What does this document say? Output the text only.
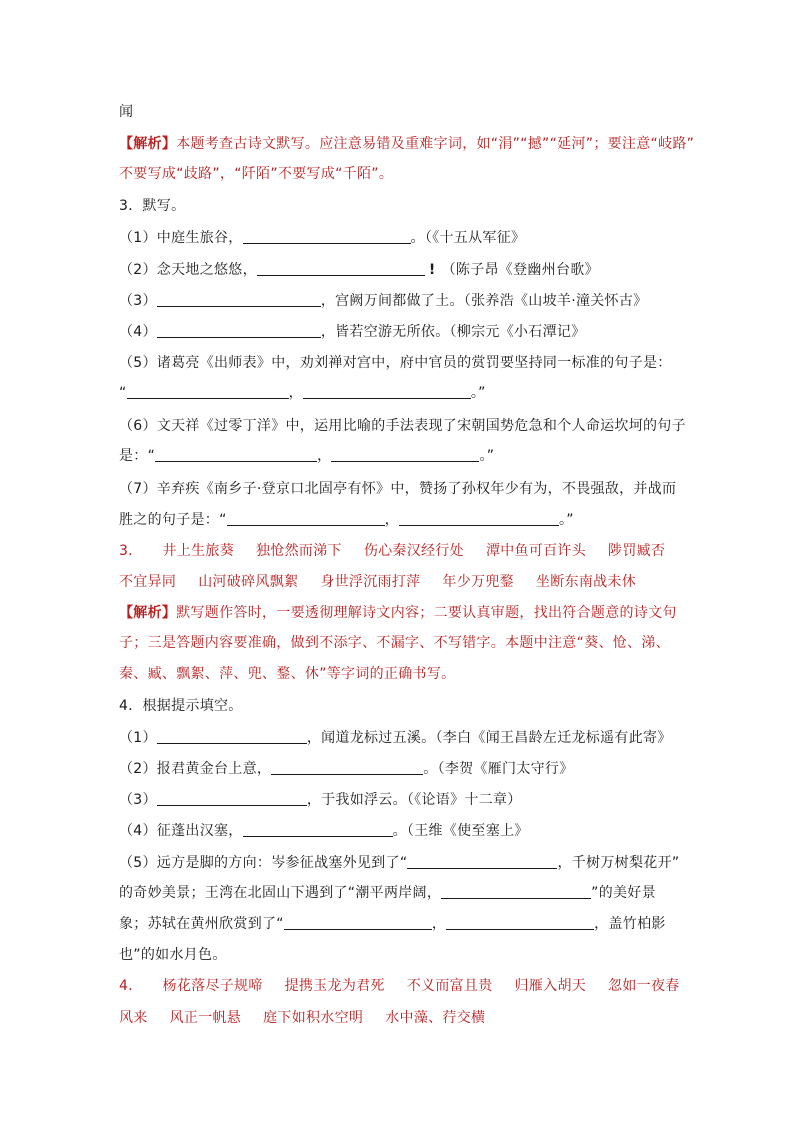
闻
【解析】本题考查古诗文默写。应注意易错及重难字词，如“涓”“撼”“延河”；要注意“岐路”
不要写成“歧路”，“阡陌”不要写成“千陌”。
3．默写。
（1）中庭生旅谷，	。（《十五从军征》
（2）念天地之悠悠，	! （陈子昂《登幽州台歌》
（3）	，宫阙万间都做了土。（张养浩《山坡羊·潼关怀古》
（4）	，皆若空游无所依。（柳宗元《小石潭记》
（5）诸葛亮《出师表》中，劝刘禅对宫中，府中官员的赏罚要坚持同一标准的句子是：
“	，	。”
（6）文天祥《过零丁洋》中，运用比喻的手法表现了宋朝国势危急和个人命运坎坷的句子
是：“	，	。”
（7）辛弃疾《南乡子·登京口北固亭有怀》中，赞扬了孙权年少有为，不畏强敌，并战而
胜之的句子是：“	，	。”
3． 井上生旅葵 独怆然而涕下 伤心秦汉经行处 潭中鱼可百许头 陟罚臧否
不宜异同 山河破碎风飘絮 身世浮沉雨打萍 年少万兜鍪 坐断东南战未休
【解析】默写题作答时，一要透彻理解诗文内容；二要认真审题，找出符合题意的诗文句
子；三是答题内容要准确，做到不添字、不漏字、不写错字。本题中注意“葵、怆、涕、
秦、臧、飘絮、萍、兜、鍪、休”等字词的正确书写。
4．根据提示填空。
（1）	，闻道龙标过五溪。（李白《闻王昌龄左迁龙标遥有此寄》
（2）报君黄金台上意，	。（李贺《雁门太守行》
（3）	，于我如浮云。（《论语》十二章）
（4）征蓬出汉塞，	。（王维《使至塞上》
（5）远方是脚的方向：岑参征战塞外见到了“	，千树万树梨花开”
的奇妙美景；王湾在北固山下遇到了“潮平两岸阔，	”的美好景
象；苏轼在黄州欣赏到了“	，	，盖竹柏影
也”的如水月色。
4． 杨花落尽子规啼 提携玉龙为君死 不义而富且贵 归雁入胡天 忽如一夜春
风来 风正一帆悬 庭下如积水空明 水中藻、荇交横
